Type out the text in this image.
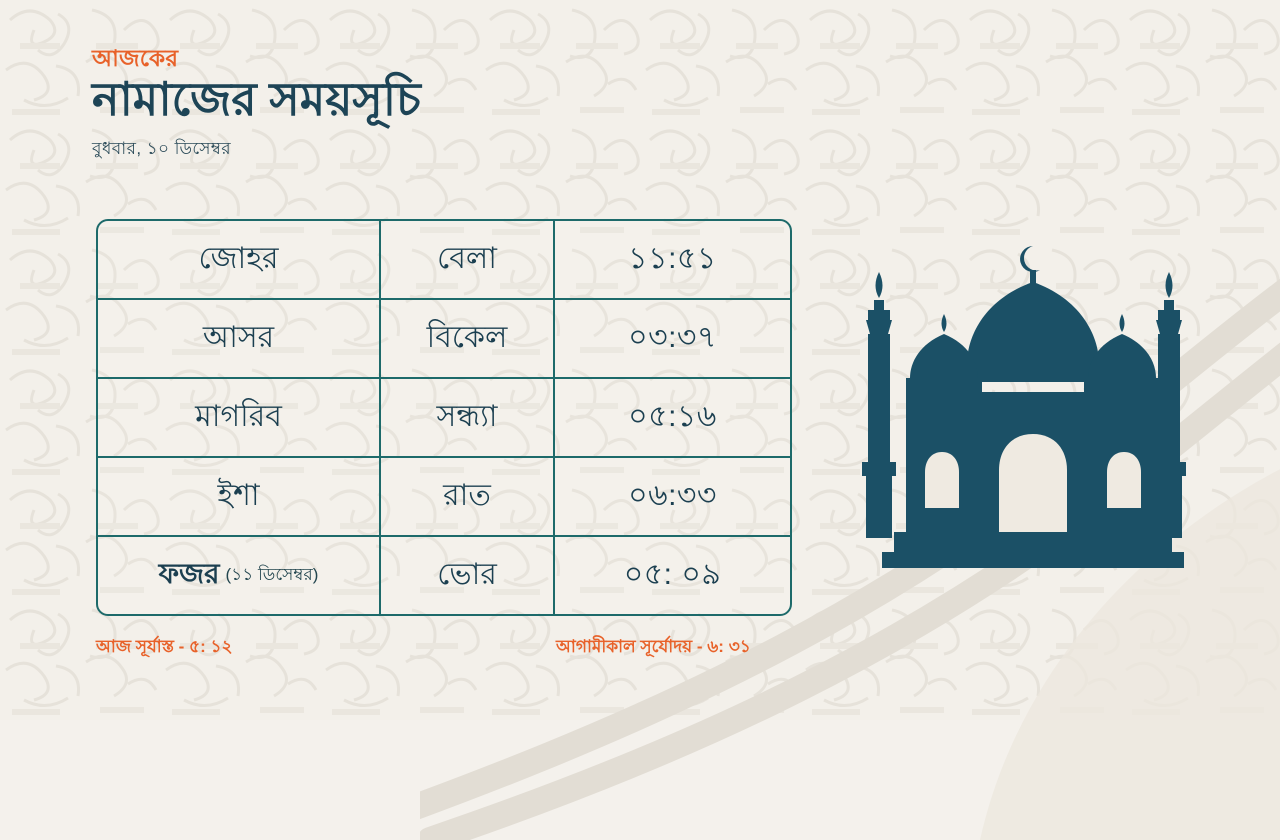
আজকের
নামাজের সময়সূচি
বুধবার, ১০ ডিসেম্বর
জোহর	বেলা	১১:৫১
আসর	বিকেল	০৩:৩৭
মাগরিব	সন্ধ্যা	০৫:১৬
ইশা	রাত	০৬:৩৩
ফজর (১১ ডিসেম্বর)	ভোর	০৫: ০৯
আজ সূর্যাস্ত - ৫: ১২	আগামীকাল সূর্যোদয় - ৬: ৩১
